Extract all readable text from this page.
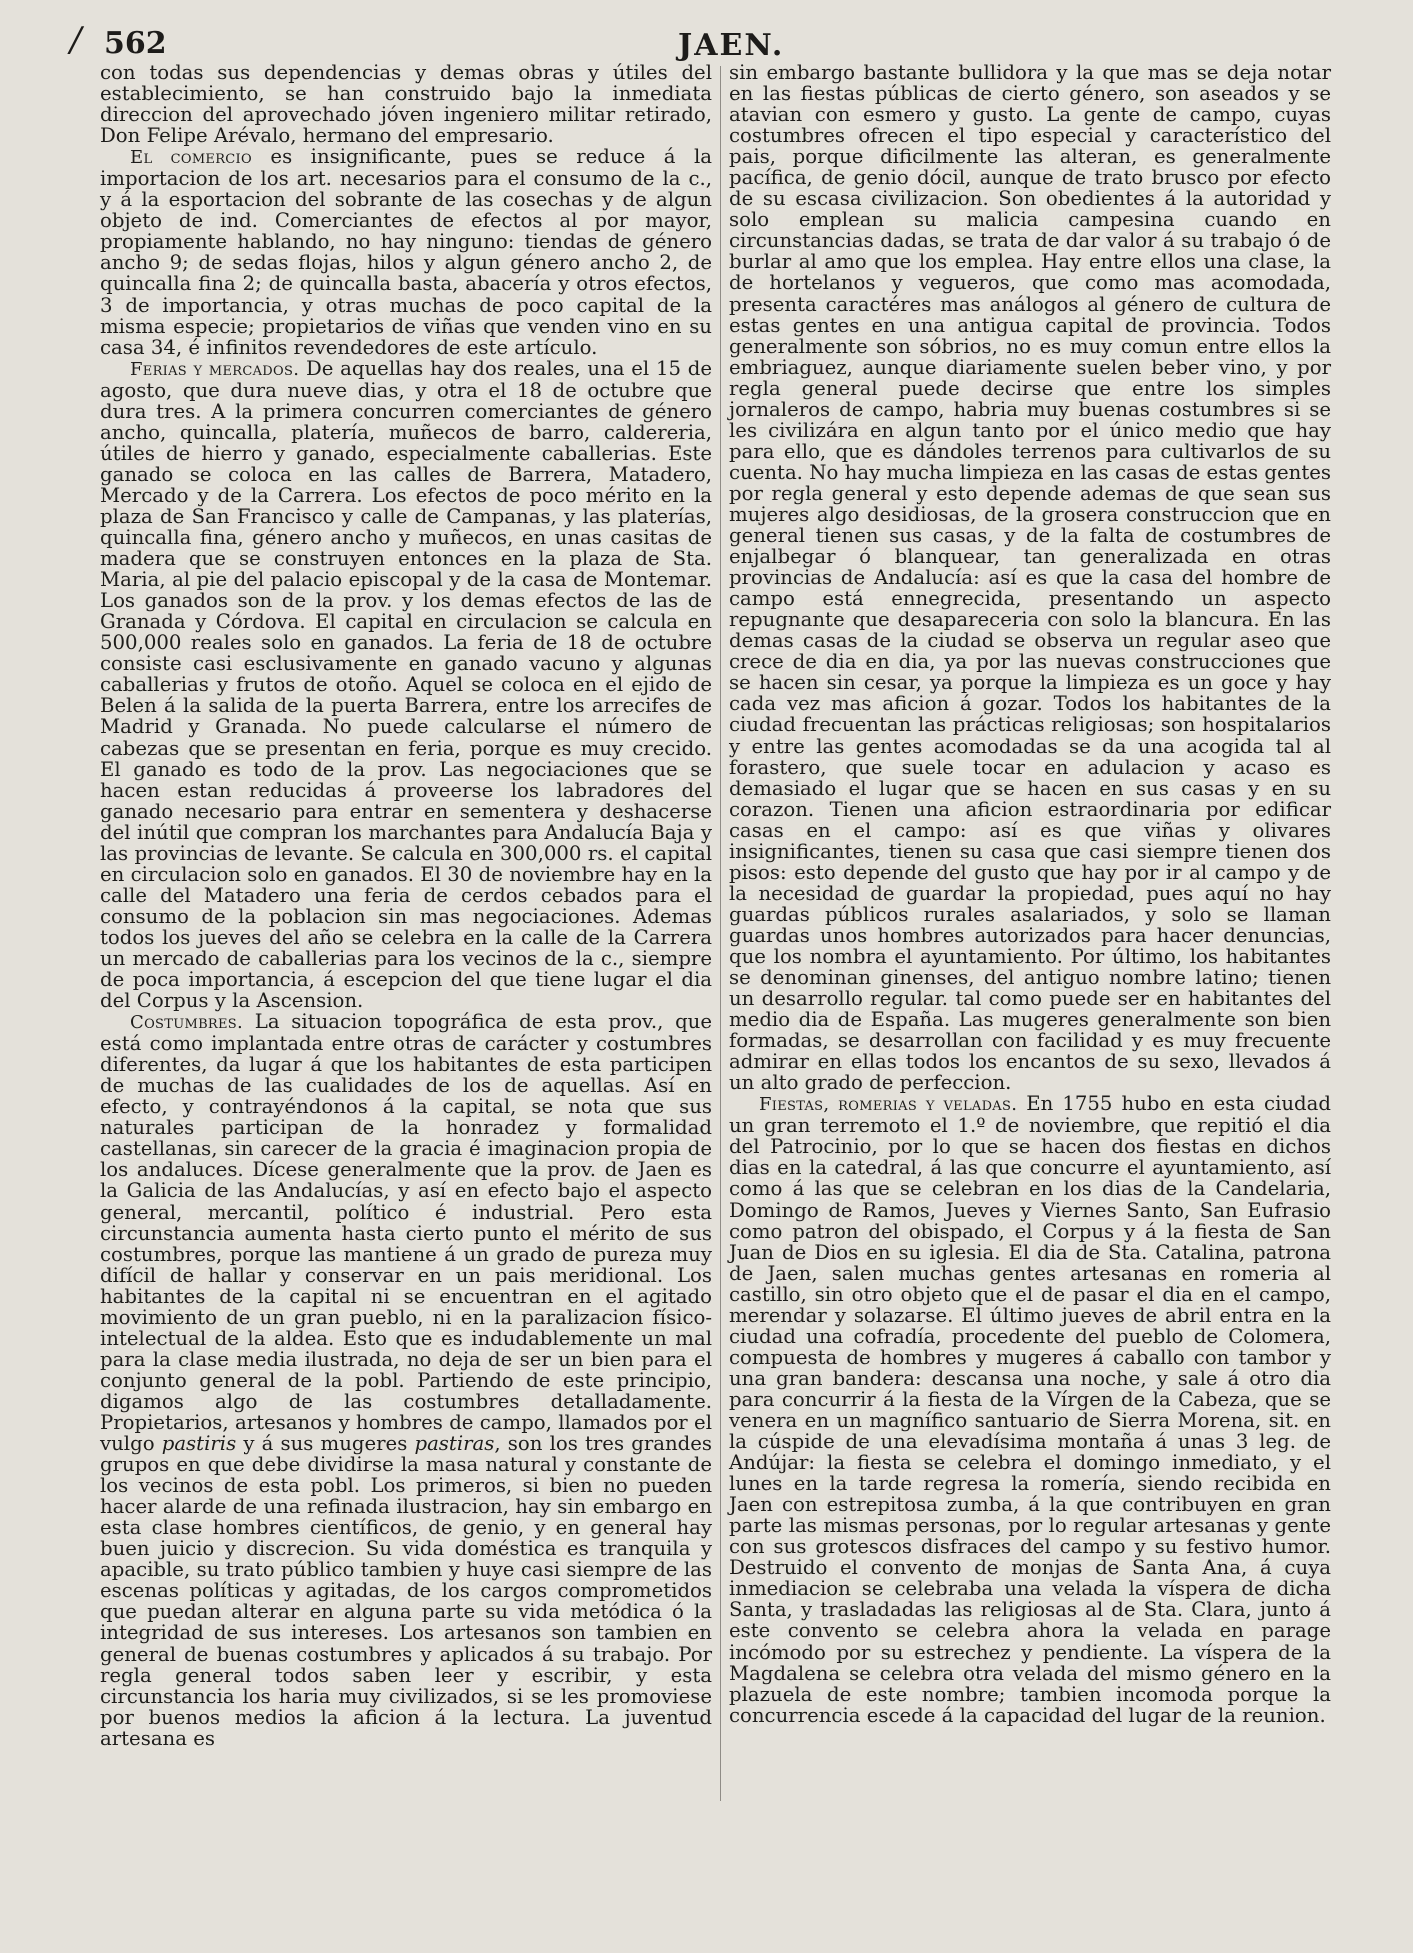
/ 562	JAEN.

con todas sus dependencias y demas obras y útiles del establecimiento, se han construido bajo la inmediata direccion del aprovechado jóven ingeniero militar retirado, Don Felipe Arévalo, hermano del empresario.

El comercio es insignificante, pues se reduce á la importacion de los art. necesarios para el consumo de la c., y á la esportacion del sobrante de las cosechas y de algun objeto de ind. Comerciantes de efectos al por mayor, propiamente hablando, no hay ninguno: tiendas de género ancho 9; de sedas flojas, hilos y algun género ancho 2, de quincalla fina 2; de quincalla basta, abacería y otros efectos, 3 de importancia, y otras muchas de poco capital de la misma especie; propietarios de viñas que venden vino en su casa 34, é infinitos revendedores de este artículo.

Ferias y mercados. De aquellas hay dos reales, una el 15 de agosto, que dura nueve dias, y otra el 18 de octubre que dura tres. A la primera concurren comerciantes de género ancho, quincalla, platería, muñecos de barro, caldereria, útiles de hierro y ganado, especialmente caballerias. Este ganado se coloca en las calles de Barrera, Matadero, Mercado y de la Carrera. Los efectos de poco mérito en la plaza de San Francisco y calle de Campanas, y las platerías, quincalla fina, género ancho y muñecos, en unas casitas de madera que se construyen entonces en la plaza de Sta. Maria, al pie del palacio episcopal y de la casa de Montemar. Los ganados son de la prov. y los demas efectos de las de Granada y Córdova. El capital en circulacion se calcula en 500,000 reales solo en ganados. La feria de 18 de octubre consiste casi esclusivamente en ganado vacuno y algunas caballerias y frutos de otoño. Aquel se coloca en el ejido de Belen á la salida de la puerta Barrera, entre los arrecifes de Madrid y Granada. No puede calcularse el número de cabezas que se presentan en feria, porque es muy crecido. El ganado es todo de la prov. Las negociaciones que se hacen estan reducidas á proveerse los labradores del ganado necesario para entrar en sementera y deshacerse del inútil que compran los marchantes para Andalucía Baja y las provincias de levante. Se calcula en 300,000 rs. el capital en circulacion solo en ganados. El 30 de noviembre hay en la calle del Matadero una feria de cerdos cebados para el consumo de la poblacion sin mas negociaciones. Ademas todos los jueves del año se celebra en la calle de la Carrera un mercado de caballerias para los vecinos de la c., siempre de poca importancia, á escepcion del que tiene lugar el dia del Corpus y la Ascension.

Costumbres. La situacion topográfica de esta prov., que está como implantada entre otras de carácter y costumbres diferentes, da lugar á que los habitantes de esta participen de muchas de las cualidades de los de aquellas. Así en efecto, y contrayéndonos á la capital, se nota que sus naturales participan de la honradez y formalidad castellanas, sin carecer de la gracia é imaginacion propia de los andaluces. Dícese generalmente que la prov. de Jaen es la Galicia de las Andalucías, y así en efecto bajo el aspecto general, mercantil, político é industrial. Pero esta circunstancia aumenta hasta cierto punto el mérito de sus costumbres, porque las mantiene á un grado de pureza muy difícil de hallar y conservar en un pais meridional. Los habitantes de la capital ni se encuentran en el agitado movimiento de un gran pueblo, ni en la paralizacion físico-intelectual de la aldea. Esto que es indudablemente un mal para la clase media ilustrada, no deja de ser un bien para el conjunto general de la pobl. Partiendo de este principio, digamos algo de las costumbres detalladamente. Propietarios, artesanos y hombres de campo, llamados por el vulgo pastiris y á sus mugeres pastiras, son los tres grandes grupos en que debe dividirse la masa natural y constante de los vecinos de esta pobl. Los primeros, si bien no pueden hacer alarde de una refinada ilustracion, hay sin embargo en esta clase hombres científicos, de genio, y en general hay buen juicio y discrecion. Su vida doméstica es tranquila y apacible, su trato público tambien y huye casi siempre de las escenas políticas y agitadas, de los cargos comprometidos que puedan alterar en alguna parte su vida metódica ó la integridad de sus intereses. Los artesanos son tambien en general de buenas costumbres y aplicados á su trabajo. Por regla general todos saben leer y escribir, y esta circunstancia los haria muy civilizados, si se les promoviese por buenos medios la aficion á la lectura. La juventud artesana es

sin embargo bastante bullidora y la que mas se deja notar en las fiestas públicas de cierto género, son aseados y se atavian con esmero y gusto. La gente de campo, cuyas costumbres ofrecen el tipo especial y característico del pais, porque dificilmente las alteran, es generalmente pacífica, de genio dócil, aunque de trato brusco por efecto de su escasa civilizacion. Son obedientes á la autoridad y solo emplean su malicia campesina cuando en circunstancias dadas, se trata de dar valor á su trabajo ó de burlar al amo que los emplea. Hay entre ellos una clase, la de hortelanos y vegueros, que como mas acomodada, presenta caractéres mas análogos al género de cultura de estas gentes en una antigua capital de provincia. Todos generalmente son sóbrios, no es muy comun entre ellos la embriaguez, aunque diariamente suelen beber vino, y por regla general puede decirse que entre los simples jornaleros de campo, habria muy buenas costumbres si se les civilizára en algun tanto por el único medio que hay para ello, que es dándoles terrenos para cultivarlos de su cuenta. No hay mucha limpieza en las casas de estas gentes por regla general y esto depende ademas de que sean sus mujeres algo desidiosas, de la grosera construccion que en general tienen sus casas, y de la falta de costumbres de enjalbegar ó blanquear, tan generalizada en otras provincias de Andalucía: así es que la casa del hombre de campo está ennegrecida, presentando un aspecto repugnante que desapareceria con solo la blancura. En las demas casas de la ciudad se observa un regular aseo que crece de dia en dia, ya por las nuevas construcciones que se hacen sin cesar, ya porque la limpieza es un goce y hay cada vez mas aficion á gozar. Todos los habitantes de la ciudad frecuentan las prácticas religiosas; son hospitalarios y entre las gentes acomodadas se da una acogida tal al forastero, que suele tocar en adulacion y acaso es demasiado el lugar que se hacen en sus casas y en su corazon. Tienen una aficion estraordinaria por edificar casas en el campo: así es que viñas y olivares insignificantes, tienen su casa que casi siempre tienen dos pisos: esto depende del gusto que hay por ir al campo y de la necesidad de guardar la propiedad, pues aquí no hay guardas públicos rurales asalariados, y solo se llaman guardas unos hombres autorizados para hacer denuncias, que los nombra el ayuntamiento. Por último, los habitantes se denominan ginenses, del antiguo nombre latino; tienen un desarrollo regular. tal como puede ser en habitantes del medio dia de España. Las mugeres generalmente son bien formadas, se desarrollan con facilidad y es muy frecuente admirar en ellas todos los encantos de su sexo, llevados á un alto grado de perfeccion.

Fiestas, romerias y veladas. En 1755 hubo en esta ciudad un gran terremoto el 1.º de noviembre, que repitió el dia del Patrocinio, por lo que se hacen dos fiestas en dichos dias en la catedral, á las que concurre el ayuntamiento, así como á las que se celebran en los dias de la Candelaria, Domingo de Ramos, Jueves y Viernes Santo, San Eufrasio como patron del obispado, el Corpus y á la fiesta de San Juan de Dios en su iglesia. El dia de Sta. Catalina, patrona de Jaen, salen muchas gentes artesanas en romeria al castillo, sin otro objeto que el de pasar el dia en el campo, merendar y solazarse. El último jueves de abril entra en la ciudad una cofradía, procedente del pueblo de Colomera, compuesta de hombres y mugeres á caballo con tambor y una gran bandera: descansa una noche, y sale á otro dia para concurrir á la fiesta de la Vírgen de la Cabeza, que se venera en un magnífico santuario de Sierra Morena, sit. en la cúspide de una elevadísima montaña á unas 3 leg. de Andújar: la fiesta se celebra el domingo inmediato, y el lunes en la tarde regresa la romería, siendo recibida en Jaen con estrepitosa zumba, á la que contribuyen en gran parte las mismas personas, por lo regular artesanas y gente con sus grotescos disfraces del campo y su festivo humor. Destruido el convento de monjas de Santa Ana, á cuya inmediacion se celebraba una velada la víspera de dicha Santa, y trasladadas las religiosas al de Sta. Clara, junto á este convento se celebra ahora la velada en parage incómodo por su estrechez y pendiente. La víspera de la Magdalena se celebra otra velada del mismo género en la plazuela de este nombre; tambien incomoda porque la concurrencia escede á la capacidad del lugar de la reunion.
